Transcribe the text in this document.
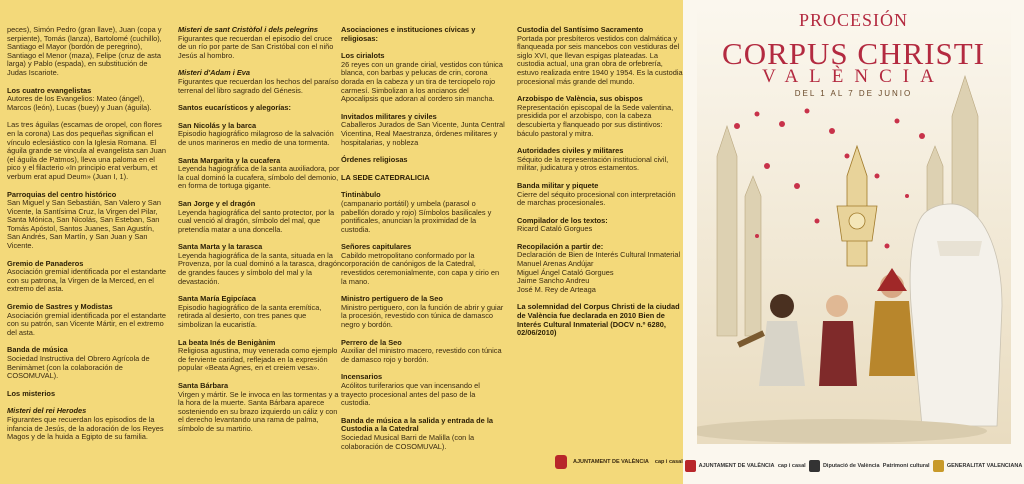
peces), Simón Pedro (gran llave), Juan (copa y serpiente), Tomás (lanza), Bartolomé (cuchillo), Santiago el Mayor (bordón de peregrino), Santiago el Menor (maza), Felipe (cruz de asta larga) y Pablo (espada), en substitución de Judas Iscariote.

Los cuatro evangelistas

Autores de los Evangelios: Mateo (ángel), Marcos (león), Lucas (buey) y Juan (águila).

Las tres águilas (escamas de oropel, con flores en la corona) Las dos pequeñas significan el vínculo eclesiástico con la Iglesia Romana. El águila grande se vincula al evangelista san Juan (el águila de Patmos), lleva una paloma en el pico y el filacterio «In principio erat verbum, et verbum erat apud Deum» (Juan I, 1).

Parroquias del centro histórico

San Miguel y San Sebastián, San Valero y San Vicente, la Santísima Cruz, la Virgen del Pilar, Santa Mónica, San Nicolás, San Esteban, San Tomás Apóstol, Santos Juanes, San Agustín, San Andrés, San Martín, y San Juan y San Vicente.

Gremio de Panaderos

Asociación gremial identificada por el estandarte con su patrona, la Virgen de la Merced, en el extremo del asta.

Gremio de Sastres y Modistas

Asociación gremial identificada por el estandarte con su patrón, san Vicente Mártir, en el extremo del asta.

Banda de música

Sociedad Instructiva del Obrero Agrícola de Benimàmet (con la colaboración de COSOMUVAL).

Los misterios

Misteri del rei Herodes

Figurantes que recuerdan los episodios de la infancia de Jesús, de la adoración de los Reyes Magos y de la huida a Egipto de su familia.

Misteri de sant Cristòfol i dels pelegrins

Figurantes que recuerdan el episodio del cruce de un río por parte de San Cristóbal con el niño Jesús al hombro.

Misteri d'Adam i Eva

Figurantes que recuerdan los hechos del paraíso terrenal del libro sagrado del Génesis.

Santos eucarísticos y alegorías:

San Nicolás y la barca

Episodio hagiográfico milagroso de la salvación de unos marineros en medio de una tormenta.

Santa Margarita y la cucafera

Leyenda hagiográfica de la santa auxiliadora, por la cual dominó la cucafera, símbolo del demonio, en forma de tortuga gigante.

San Jorge y el dragón

Leyenda hagiográfica del santo protector, por la cual venció al dragón, símbolo del mal, que pretendía matar a una doncella.

Santa Marta y la tarasca

Leyenda hagiográfica de la santa, situada en la Provenza, por la cual dominó a la tarasca, dragón de grandes fauces y símbolo del mal y la devastación.

Santa María Egipcíaca

Episodio hagiográfico de la santa eremítica, retirada al desierto, con tres panes que simbolizan la eucaristía.

La beata Inés de Benigànim

Religiosa agustina, muy venerada como ejemplo de ferviente caridad, reflejada en la expresión popular «Beata Agnes, en et creiem vesa».

Santa Bárbara

Virgen y mártir. Se le invoca en las tormentas y a la hora de la muerte. Santa Bárbara aparece sosteniendo en su brazo izquierdo un cáliz y con el derecho levantando una rama de palma, símbolo de su martirio.

Asociaciones e instituciones cívicas y religiosas:

Los cirialots

26 reyes con un grande cirial, vestidos con túnica blanca, con barbas y pelucas de crin, corona dorada en la cabeza y un tira de terciopelo rojo carmesí. Simbolizan a los ancianos del Apocalipsis que adoran al cordero sin mancha.

Invitados militares y civiles

Caballeros Jurados de San Vicente, Junta Central Vicentina, Real Maestranza, órdenes militares y hospitalarias, y nobleza

Órdenes religiosas

LA SEDE CATEDRALICIA

Tintinàbulo

(campanario portátil) y umbela (parasol o pabellón dorado y rojo) Símbolos basilicales y pontificales, anuncian la proximidad de la custodia.

Señores capitulares

Cabildo metropolitano conformado por la corporación de canónigos de la Catedral, revestidos ceremonialmente, con capa y cirio en la mano.

Ministro pertiguero de la Seo

Ministro pertiguero, con la función de abrir y guiar la procesión, revestido con túnica de damasco negro y bordón.

Perrero de la Seo

Auxiliar del ministro macero, revestido con túnica de damasco rojo y bordón.

Incensarios

Acólitos turiferarios que van incensando el trayecto procesional antes del paso de la custodia.

Banda de música a la salida y entrada de la Custodia a la Catedral

Sociedad Musical Barri de Malilla (con la colaboración de COSOMUVAL).

Custodia del Santísimo Sacramento

Portada por presbíteros vestidos con dalmática y flanqueada por seis mancebos con vestiduras del siglo XVI, que llevan espigas plateadas. La custodia actual, una gran obra de orfebrería, estuvo realizada entre 1940 y 1954. Es la custodia procesional más grande del mundo.

Arzobispo de València, sus obispos

Representación episcopal de la Sede valentina, presidida por el arzobispo, con la cabeza descubierta y flanqueado por sus distintivos: báculo pastoral y mitra.

Autoridades civiles y militares

Séquito de la representación institucional civil, militar, judicatura y otros estamentos.

Banda militar y piquete

Cierre del séquito procesional con interpretación de marchas procesionales.

Compilador de los textos:

Ricard Cataló Gorgues

Recopilación a partir de:

Declaración de Bien de Interés Cultural Inmaterial
Manuel Arenas Andújar
Miguel Ángel Cataló Gorgues
Jaime Sancho Andreu
José M. Rey de Arteaga

La solemnidad del Corpus Christi de la ciudad de València fue declarada en 2010 Bien de Interés Cultural Inmaterial (DOCV n.º 6280, 02/06/2010)

AJUNTAMENT DE VALÈNCIA cap i casal
PROCESIÓN
CORPUS CHRISTI
VALÈNCIA
DEL 1 AL 7 DE JUNIO
AJUNTAMENT DE VALÈNCIA cap i casal	Diputació de València Patrimoni cultural	GENERALITAT VALENCIANA
